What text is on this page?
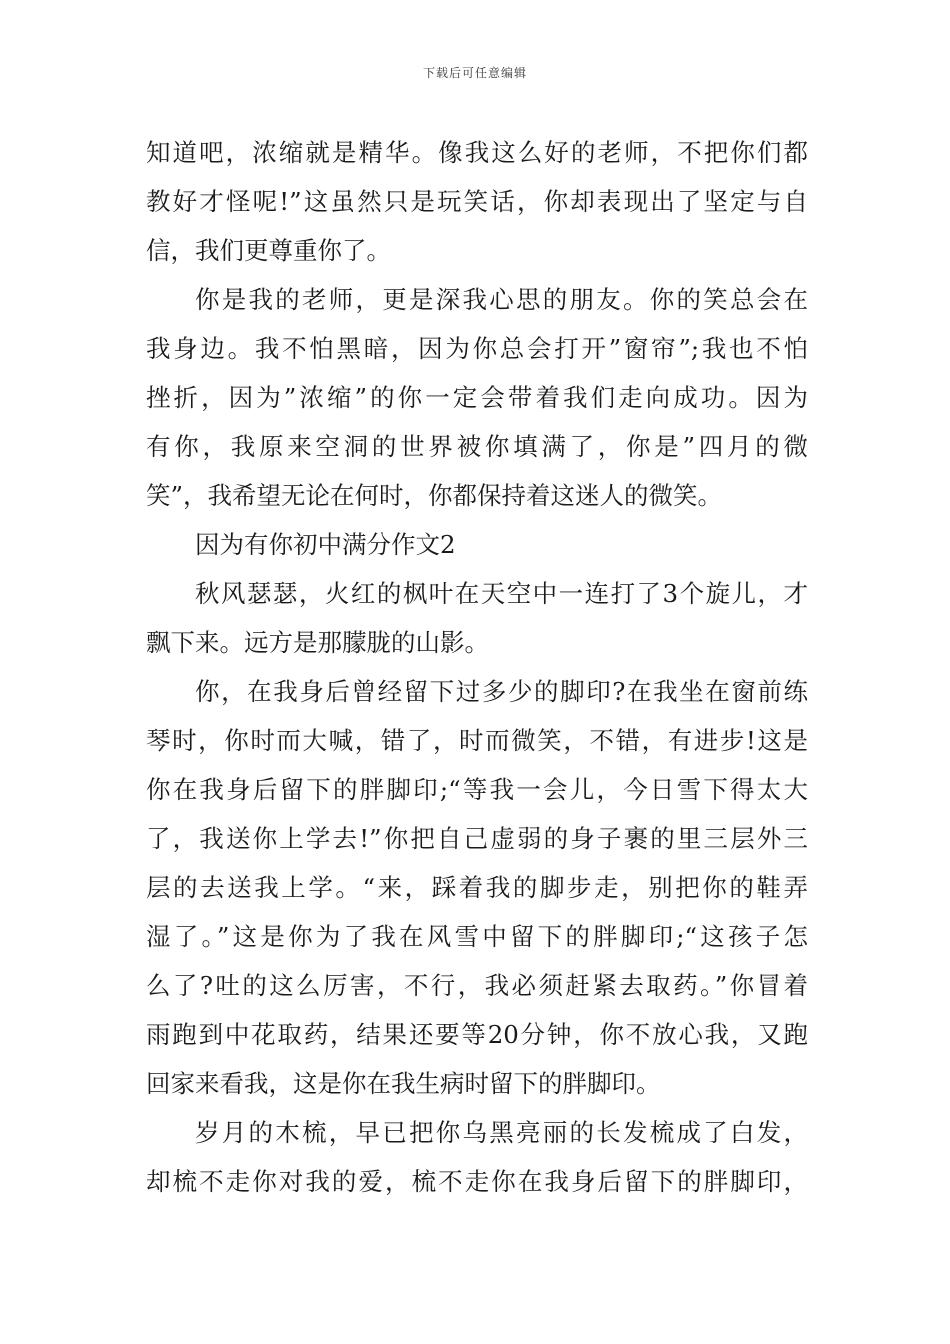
下载后可任意编辑
知道吧，浓缩就是精华。像我这么好的老师，不把你们都
教好才怪呢!”这虽然只是玩笑话，你却表现出了坚定与自
信，我们更尊重你了。
你是我的老师，更是深我心思的朋友。你的笑总会在
我身边。我不怕黑暗，因为你总会打开”窗帘”;我也不怕
挫折，因为”浓缩”的你一定会带着我们走向成功。因为
有你，我原来空洞的世界被你填满了，你是”四月的微
笑”，我希望无论在何时，你都保持着这迷人的微笑。
因为有你初中满分作文2
秋风瑟瑟，火红的枫叶在天空中一连打了3个旋儿，才
飘下来。远方是那朦胧的山影。
你，在我身后曾经留下过多少的脚印?在我坐在窗前练
琴时，你时而大喊，错了，时而微笑，不错，有进步!这是
你在我身后留下的胖脚印;“等我一会儿，今日雪下得太大
了，我送你上学去!”你把自己虚弱的身子裹的里三层外三
层的去送我上学。“来，踩着我的脚步走，别把你的鞋弄
湿了。”这是你为了我在风雪中留下的胖脚印;“这孩子怎
么了?吐的这么厉害，不行，我必须赶紧去取药。”你冒着
雨跑到中花取药，结果还要等20分钟，你不放心我，又跑
回家来看我，这是你在我生病时留下的胖脚印。
岁月的木梳，早已把你乌黑亮丽的长发梳成了白发，
却梳不走你对我的爱，梳不走你在我身后留下的胖脚印，
